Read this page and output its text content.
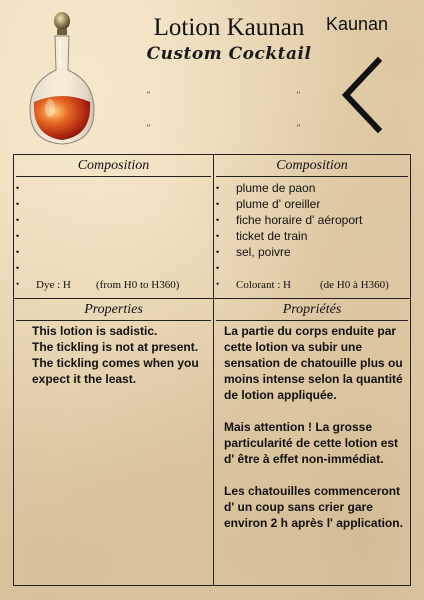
Lotion Kaunan
Custom Cocktail
Kaunan
"	"
"	"
Composition
•
•
•
•
•
•
• Dye : H (from H0 to H360)
Composition
• plume de paon
• plume d' oreiller
• fiche horaire d' aéroport
• ticket de train
• sel, poivre
•
• Colorant : H	(de H0 à H360)
Properties
This lotion is sadistic.
The tickling is not at present.
The tickling comes when you expect it the least.
Propriétés

La partie du corps enduite par cette lotion va subir une sensation de chatouille plus ou moins intense selon la quantité de lotion appliquée.

Mais attention ! La grosse particularité de cette lotion est d' être à effet non-immédiat.

Les chatouilles commenceront d' un coup sans crier gare environ 2 h après l' application.
